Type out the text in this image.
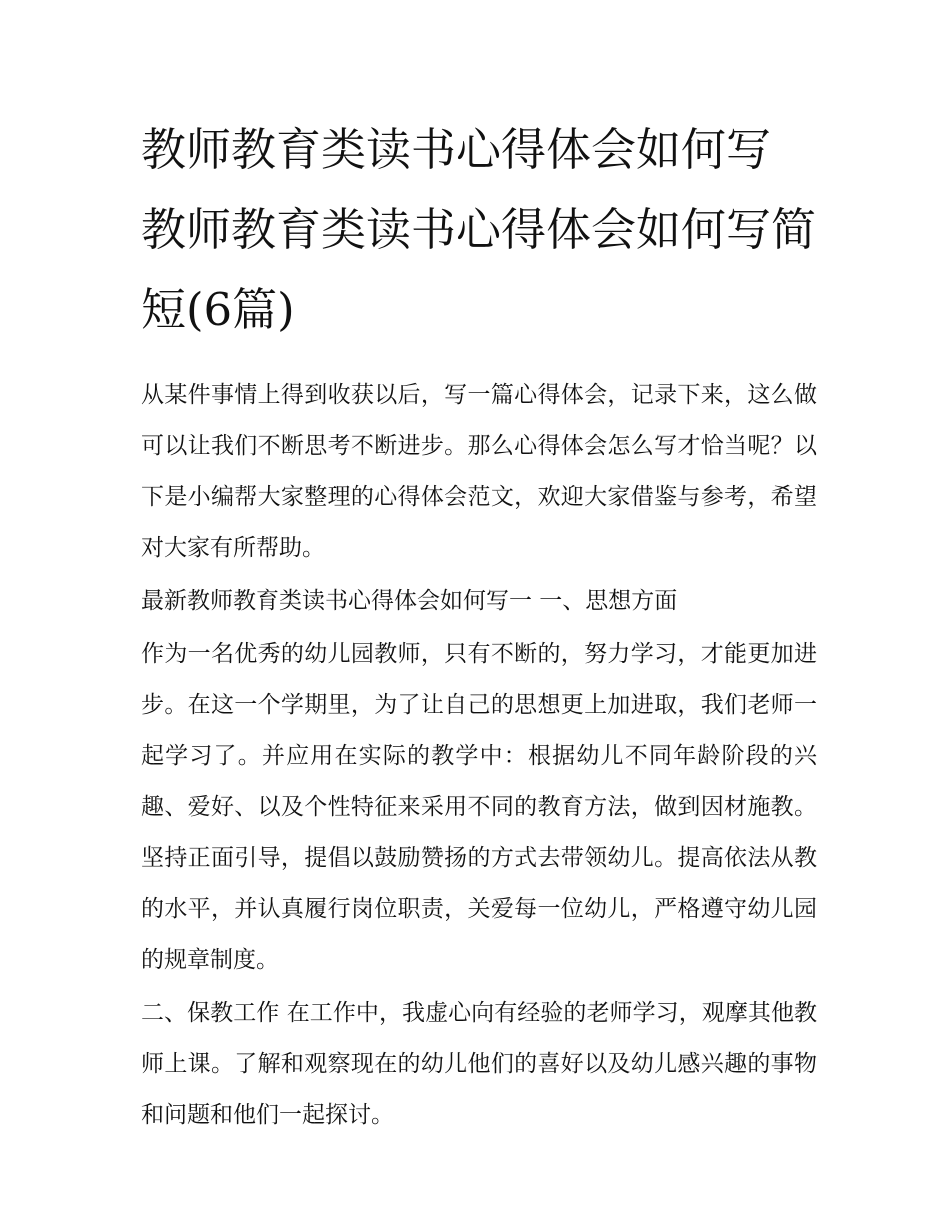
教师教育类读书心得体会如何写 教师教育类读书心得体会如何写简短(6篇)

从某件事情上得到收获以后，写一篇心得体会，记录下来，这么做可以让我们不断思考不断进步。那么心得体会怎么写才恰当呢？以下是小编帮大家整理的心得体会范文，欢迎大家借鉴与参考，希望对大家有所帮助。

最新教师教育类读书心得体会如何写一 一、思想方面

作为一名优秀的幼儿园教师，只有不断的，努力学习，才能更加进步。在这一个学期里，为了让自己的思想更上加进取，我们老师一起学习了。并应用在实际的教学中：根据幼儿不同年龄阶段的兴趣、爱好、以及个性特征来采用不同的教育方法，做到因材施教。坚持正面引导，提倡以鼓励赞扬的方式去带领幼儿。提高依法从教的水平，并认真履行岗位职责，关爱每一位幼儿，严格遵守幼儿园的规章制度。

二、保教工作 在工作中，我虚心向有经验的老师学习，观摩其他教师上课。了解和观察现在的幼儿他们的喜好以及幼儿感兴趣的事物和问题和他们一起探讨。
